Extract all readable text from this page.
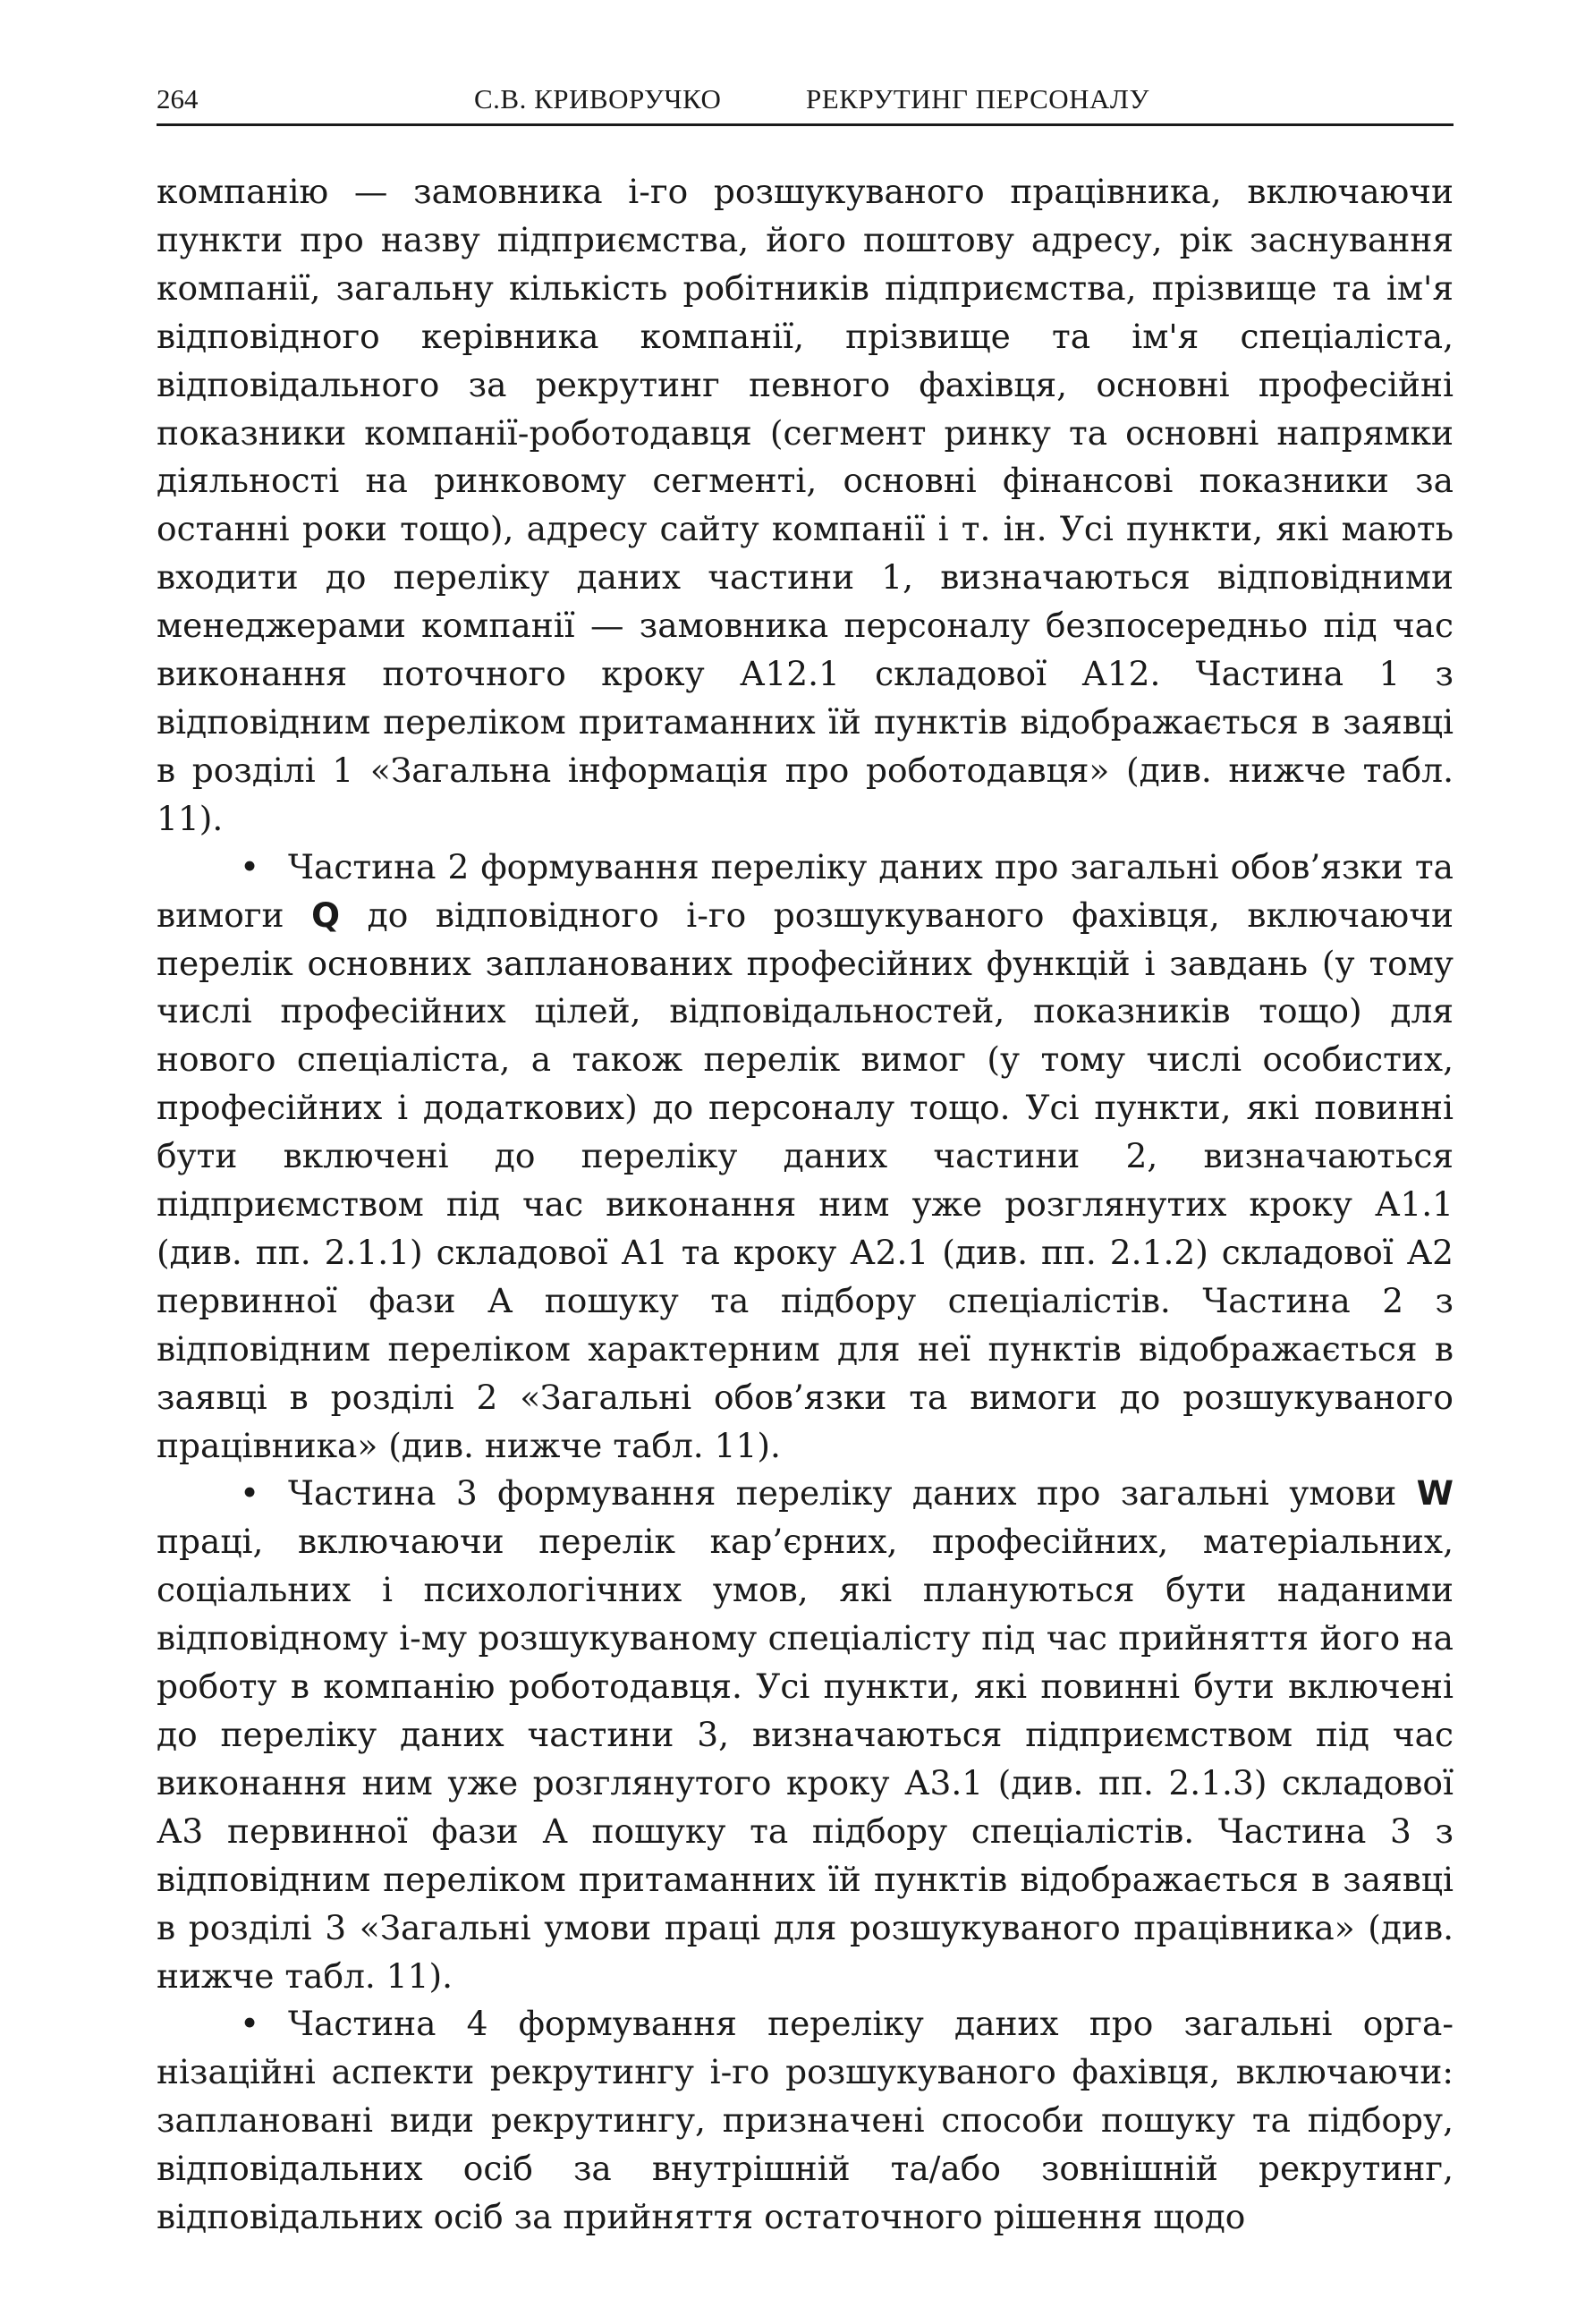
264	С.В. КРИВОРУЧКО	РЕКРУТИНГ ПЕРСОНАЛУ

компанію — замовника і-го розшукуваного працівника, включаючи пункти про назву підприємства, його поштову адресу, рік заснування компанії, загальну кількість робітників підприємства, прізвище та ім'я відповідного керівника компанії, прізвище та ім'я спеціаліста, відповідального за рекрутинг певного фахівця, основні професійні показники компанії-роботодавця (сегмент ринку та основні напрямки діяльності на ринковому сегменті, основні фінансові показники за останні роки тощо), адресу сайту компанії і т. ін. Усі пункти, які мають входити до переліку даних частини 1, визначаються відповідними менеджерами компанії — замовника персоналу безпосередньо під час виконання поточного кроку А12.1 складової А12. Частина 1 з відповідним переліком притаманних їй пунктів відображається в заявці в розділі 1 «Загальна інформація про роботодавця» (див. нижче табл. 11).

• Частина 2 формування переліку даних про загальні обов’язки та вимоги Q до відповідного і-го розшукуваного фахівця, включаючи перелік основних запланованих професійних функцій і завдань (у тому числі професійних цілей, відповідальностей, показників тощо) для нового спеціаліста, а також перелік вимог (у тому числі особистих, професійних і додаткових) до персоналу тощо. Усі пункти, які повинні бути включені до переліку даних частини 2, визначаються підприємством під час виконання ним уже розглянутих кроку А1.1 (див. пп. 2.1.1) складової А1 та кроку А2.1 (див. пп. 2.1.2) складової А2 первинної фази А пошуку та підбору спеціалістів. Частина 2 з відповідним переліком характерним для неї пунктів відображається в заявці в розділі 2 «Загальні обов’язки та вимоги до розшукуваного працівника» (див. нижче табл. 11).

• Частина 3 формування переліку даних про загальні умови W праці, включаючи перелік кар’єрних, професійних, матеріальних, соціальних і психологічних умов, які плануються бути наданими відповідному і-му розшукуваному спеціалісту під час прийняття його на роботу в компанію роботодавця. Усі пункти, які повинні бути включені до переліку даних частини 3, визначаються підприємством під час виконання ним уже розглянутого кроку А3.1 (див. пп. 2.1.3) складової А3 первинної фази А пошуку та підбору спеціалістів. Частина 3 з відповідним переліком притаманних їй пунктів відображається в заявці в розділі 3 «Загальні умови праці для розшукуваного працівника» (див. нижче табл. 11).

• Частина 4 формування переліку даних про загальні організаційні аспекти рекрутингу і-го розшукуваного фахівця, включаючи: заплановані види рекрутингу, призначені способи пошуку та підбору, відповідальних осіб за внутрішній та/або зовнішній рекрутинг, відповідальних осіб за прийняття остаточного рішення щодо
